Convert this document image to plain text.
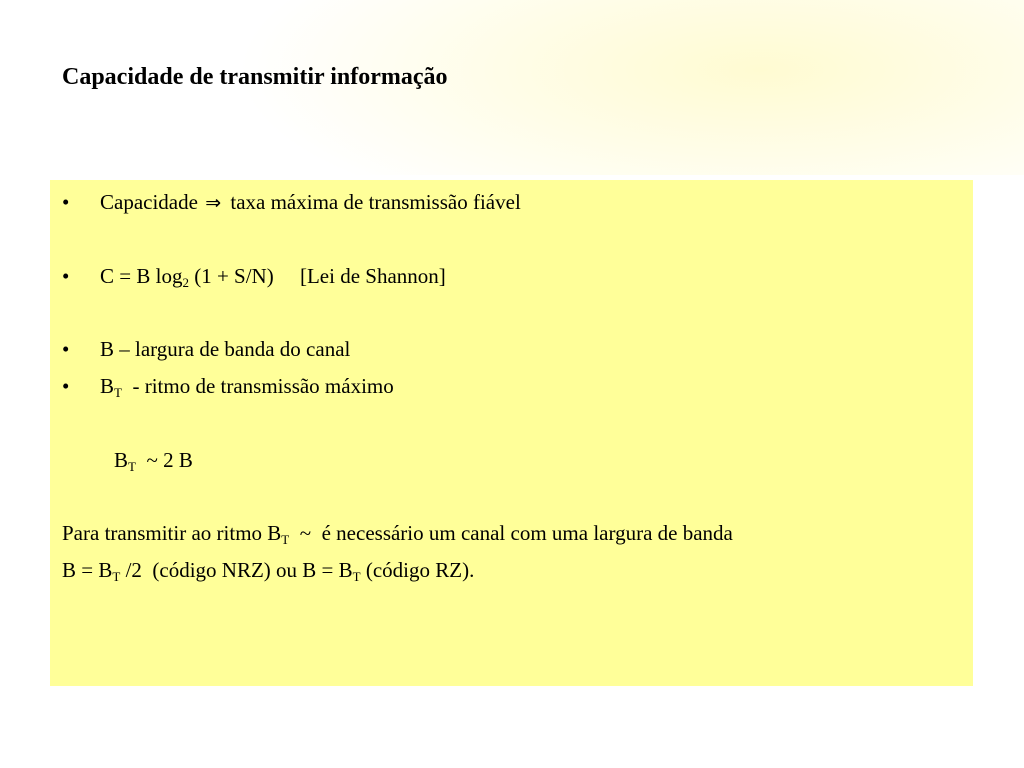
Capacidade de transmitir informação
• Capacidade ⇒ taxa máxima de transmissão fiável
• C = B $\log_2 (1 + S/N)$     [Lei de Shannon]
• B – largura de banda do canal
• $B_T$  - ritmo de transmissão máximo
$B_T$  ~ 2 B
Para transmitir ao ritmo $B_T$  ~  é necessário um canal com uma largura de banda
$B = B_T$ /2  (código NRZ) ou $B = B_T$ (código RZ).
